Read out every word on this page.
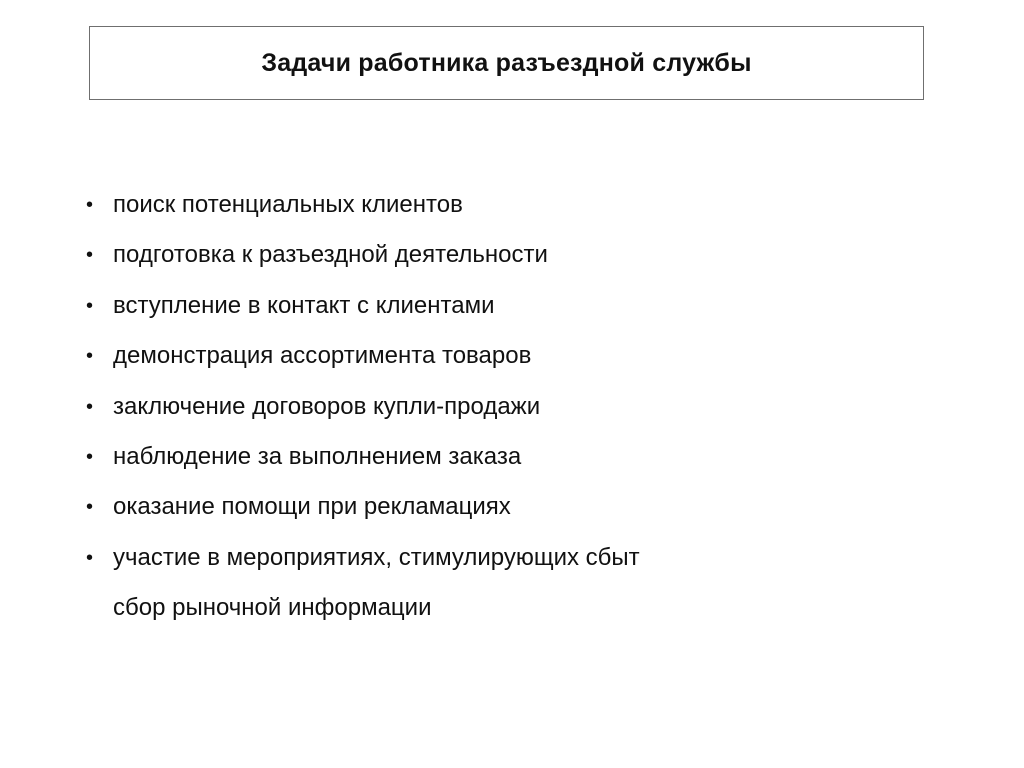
Задачи работника разъездной службы
• поиск потенциальных клиентов
• подготовка к разъездной деятельности
• вступление в контакт с клиентами
• демонстрация ассортимента товаров
• заключение договоров купли-продажи
• наблюдение за выполнением заказа
• оказание помощи при рекламациях
• участие в мероприятиях, стимулирующих сбыт
сбор рыночной информации
